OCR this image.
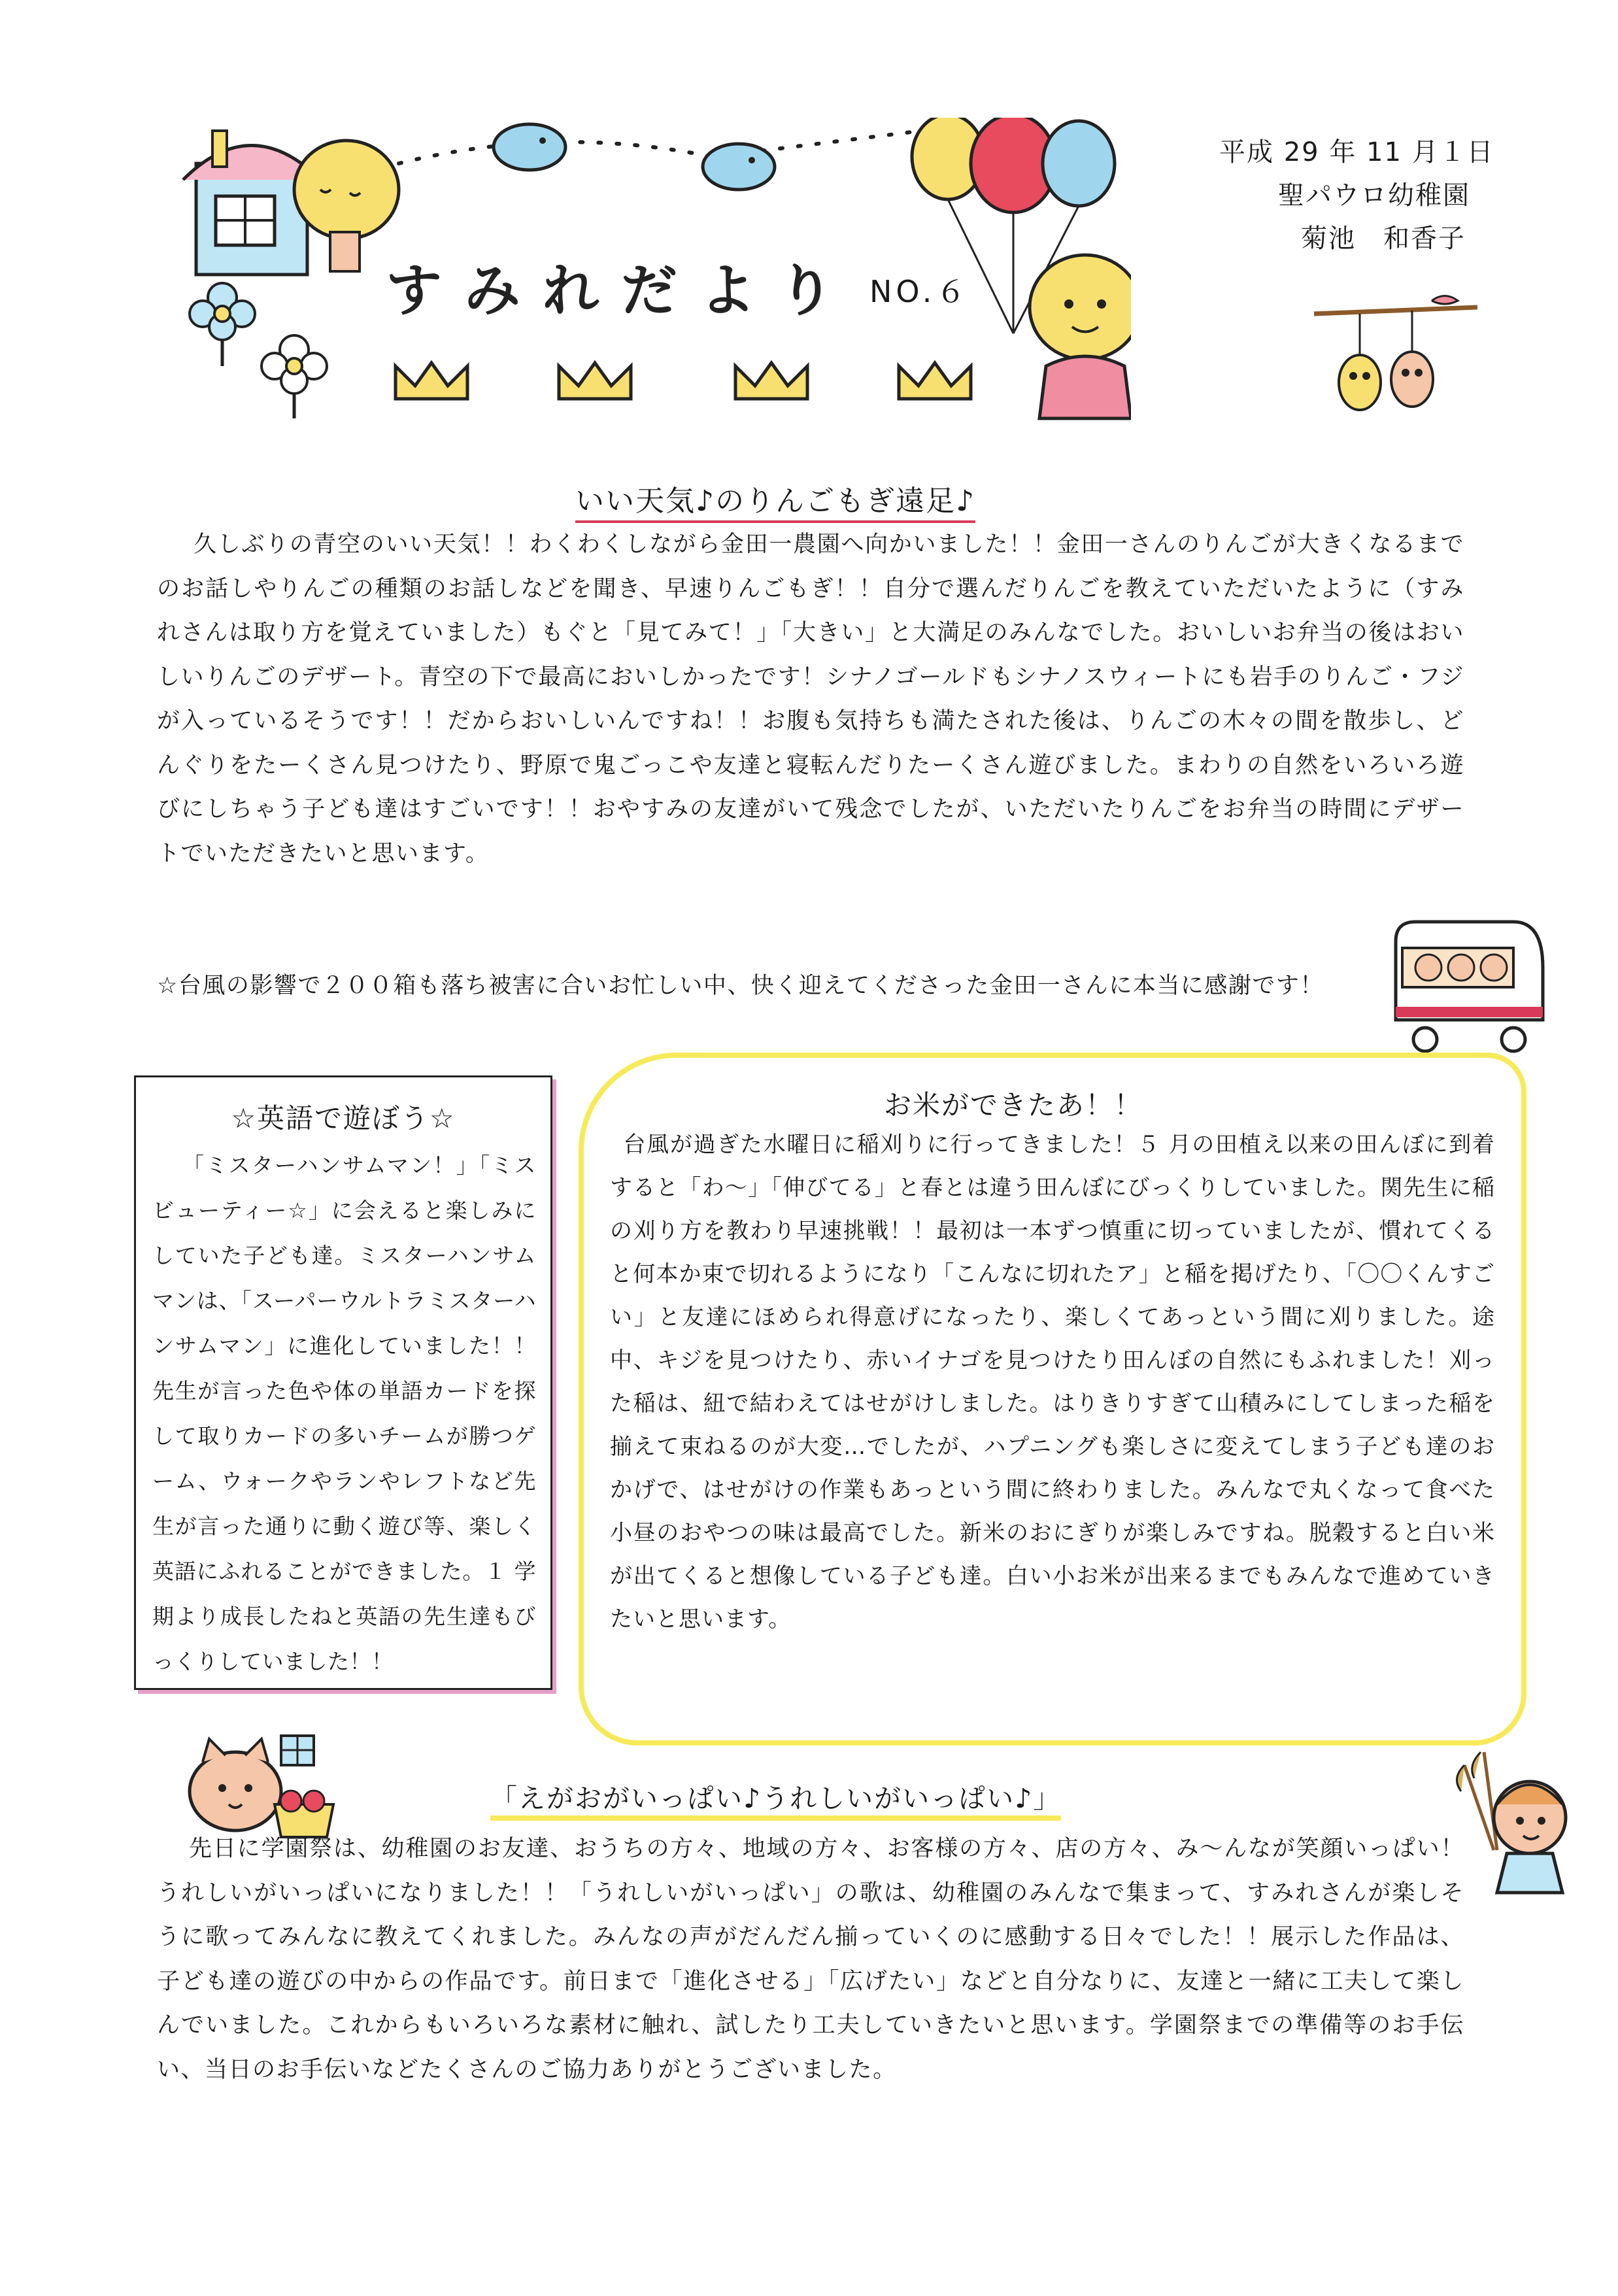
すみれだより NO.６
平成 29 年 11 月１日
聖パウロ幼稚園
菊池　和香子
いい天気♪のりんごもぎ遠足♪

久しぶりの青空のいい天気！！わくわくしながら金田一農園へ向かいました！！金田一さんのりんごが大きくなるまでのお話しやりんごの種類のお話しなどを聞き、早速りんごもぎ！！自分で選んだりんごを教えていただいたように（すみれさんは取り方を覚えていました）もぐと「見てみて！」「大きい」と大満足のみんなでした。おいしいお弁当の後はおいしいりんごのデザート。青空の下で最高においしかったです！シナノゴールドもシナノスウィートにも岩手のりんご・フジが入っているそうです！！だからおいしいんですね！！お腹も気持ちも満たされた後は、りんごの木々の間を散歩し、どんぐりをたーくさん見つけたり、野原で鬼ごっこや友達と寝転んだりたーくさん遊びました。まわりの自然をいろいろ遊びにしちゃう子ども達はすごいです！！おやすみの友達がいて残念でしたが、いただいたりんごをお弁当の時間にデザートでいただきたいと思います。

☆台風の影響で２００箱も落ち被害に合いお忙しい中、快く迎えてくださった金田一さんに本当に感謝です！

☆英語で遊ぼう☆

「ミスターハンサムマン！」「ミスビューティー☆」に会えると楽しみにしていた子ども達。ミスターハンサムマンは、「スーパーウルトラミスターハンサムマン」に進化していました！！先生が言った色や体の単語カードを探して取りカードの多いチームが勝つゲーム、ウォークやランやレフトなど先生が言った通りに動く遊び等、楽しく英語にふれることができました。１ 学期より成長したねと英語の先生達もびっくりしていました！！

お米ができたあ！！

台風が過ぎた水曜日に稲刈りに行ってきました！５ 月の田植え以来の田んぼに到着すると「わ～」「伸びてる」と春とは違う田んぼにびっくりしていました。関先生に稲の刈り方を教わり早速挑戦！！最初は一本ずつ慎重に切っていましたが、慣れてくると何本か束で切れるようになり「こんなに切れたア」と稲を掲げたり、「〇〇くんすごい」と友達にほめられ得意げになったり、楽しくてあっという間に刈りました。途中、キジを見つけたり、赤いイナゴを見つけたり田んぼの自然にもふれました！刈った稲は、紐で結わえてはせがけしました。はりきりすぎて山積みにしてしまった稲を揃えて束ねるのが大変…でしたが、ハプニングも楽しさに変えてしまう子ども達のおかげで、はせがけの作業もあっという間に終わりました。みんなで丸くなって食べた小昼のおやつの味は最高でした。新米のおにぎりが楽しみですね。脱穀すると白い米が出てくると想像している子ども達。白い小お米が出来るまでもみんなで進めていきたいと思います。

「えがおがいっぱい♪うれしいがいっぱい♪」

先日に学園祭は、幼稚園のお友達、おうちの方々、地域の方々、お客様の方々、店の方々、み～んなが笑顔いっぱい！うれしいがいっぱいになりました！！「うれしいがいっぱい」の歌は、幼稚園のみんなで集まって、すみれさんが楽しそうに歌ってみんなに教えてくれました。みんなの声がだんだん揃っていくのに感動する日々でした！！展示した作品は、子ども達の遊びの中からの作品です。前日まで「進化させる」「広げたい」などと自分なりに、友達と一緒に工夫して楽しんでいました。これからもいろいろな素材に触れ、試したり工夫していきたいと思います。学園祭までの準備等のお手伝い、当日のお手伝いなどたくさんのご協力ありがとうございました。
